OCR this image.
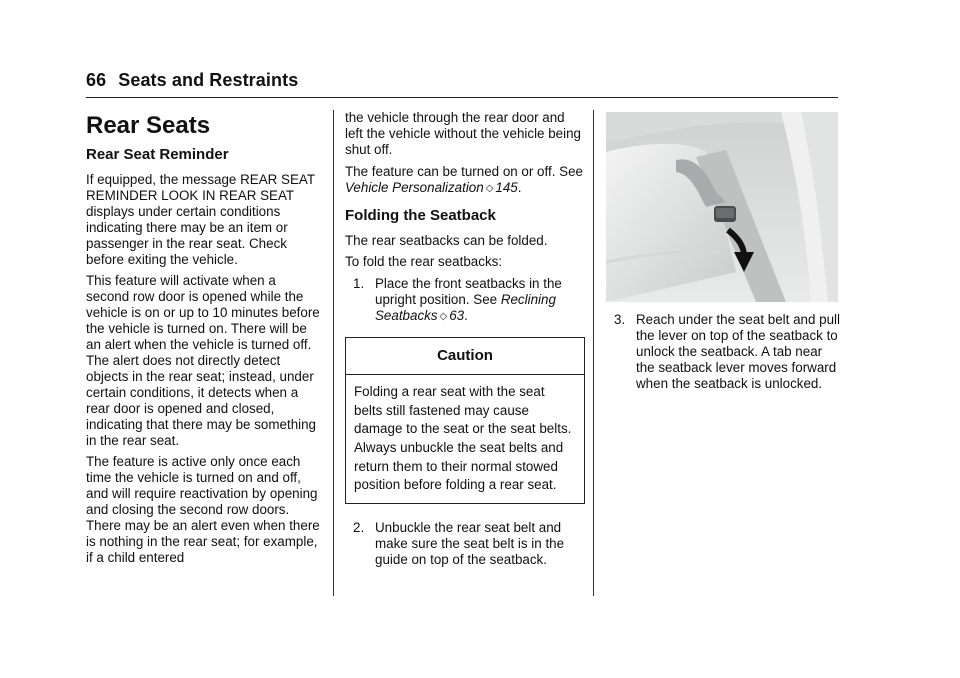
66 Seats and Restraints
Rear Seats
Rear Seat Reminder

If equipped, the message REAR SEAT REMINDER LOOK IN REAR SEAT displays under certain conditions indicating there may be an item or passenger in the rear seat. Check before exiting the vehicle.

This feature will activate when a second row door is opened while the vehicle is on or up to 10 minutes before the vehicle is turned on. There will be an alert when the vehicle is turned off. The alert does not directly detect objects in the rear seat; instead, under certain conditions, it detects when a rear door is opened and closed, indicating that there may be something in the rear seat.

The feature is active only once each time the vehicle is turned on and off, and will require reactivation by opening and closing the second row doors. There may be an alert even when there is nothing in the rear seat; for example, if a child entered

the vehicle through the rear door and left the vehicle without the vehicle being shut off.

The feature can be turned on or off. See Vehicle Personalization ◇ 145.

Folding the Seatback

The rear seatbacks can be folded.

To fold the rear seatbacks:

1. Place the front seatbacks in the upright position. See Reclining Seatbacks ◇ 63.
Caution
Folding a rear seat with the seat belts still fastened may cause damage to the seat or the seat belts. Always unbuckle the seat belts and return them to their normal stowed position before folding a rear seat.
2. Unbuckle the rear seat belt and make sure the seat belt is in the guide on top of the seatback.
3. Reach under the seat belt and pull the lever on top of the seatback to unlock the seatback. A tab near the seatback lever moves forward when the seatback is unlocked.
